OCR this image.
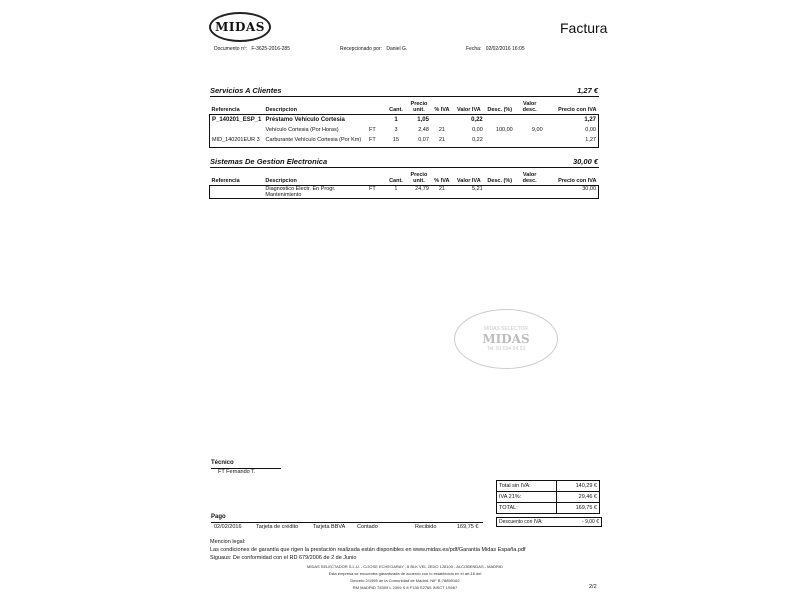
MIDAS	Factura
Documento nº: F-3625-2016-285	Recepcionado por: Daniel G.	Fecha: 02/02/2016 16:05
Servicios A Clientes	1,27 €
Referencia	Descripcion		Cant.	Precio unit.	% IVA	Valor IVA	Desc. (%)	Valor desc.	Precio con IVA
P_140201_ESP_1	Préstamo Vehículo Cortesia		1	1,05		0,22			1,27
	Vehículo Cortesia (Por Horas)	FT	3	2,48	21	0,00	100,00	9,00	0,00
MID_140201EUR 3	Carburante Vehículo Cortesia (Por Km)	FT	15	0,07	21	0,22			1,27
Sistemas De Gestion Electronica	30,00 €
Referencia	Descripcion		Cant.	Precio unit.	% IVA	Valor IVA	Desc. (%)	Valor desc.	Precio con IVA
	Diagnostico Electr. En Progr. Mantenimiento	FT	1	24,79	21	5,21			30,00
MIDAS SELECTOR
MIDAS
Tel. 91 654 54 53
Técnico
FT Fernando T.
Total sin IVA:	140,29 €
IVA 21%:	29,46 €
TOTAL:	169,75 €
Descuento con IVA:	- 9,00 €
Pago
02/02/2016	Tarjeta de crédito	Tarjeta BBVA Contado	Recibido	169,75 €
Mencion legal:
Las condiciones de garantía que rigen la prestación realizada están disponibles en www.midas.es/pdf/Garantia Midas España.pdf
Siguaus: De conformidad con el RD 679/2006 de 2 de Junio
MIDAS SELECTADOR S.L.U. - C/JOSE ECHEGARAY , 8 BLK VEL 2EDO 128100 - ALCOBENDAS - MADRID
Esta empresa se encuentra garantizada de acuerdo con lo establecido en el art.16 del
Decreto 2/1995 de la Comunidad de Madrid. NIF B-78859162
RM MADRID T8309 L 2309 S 8 F136 S2765 INSCT 1S967	2/2
